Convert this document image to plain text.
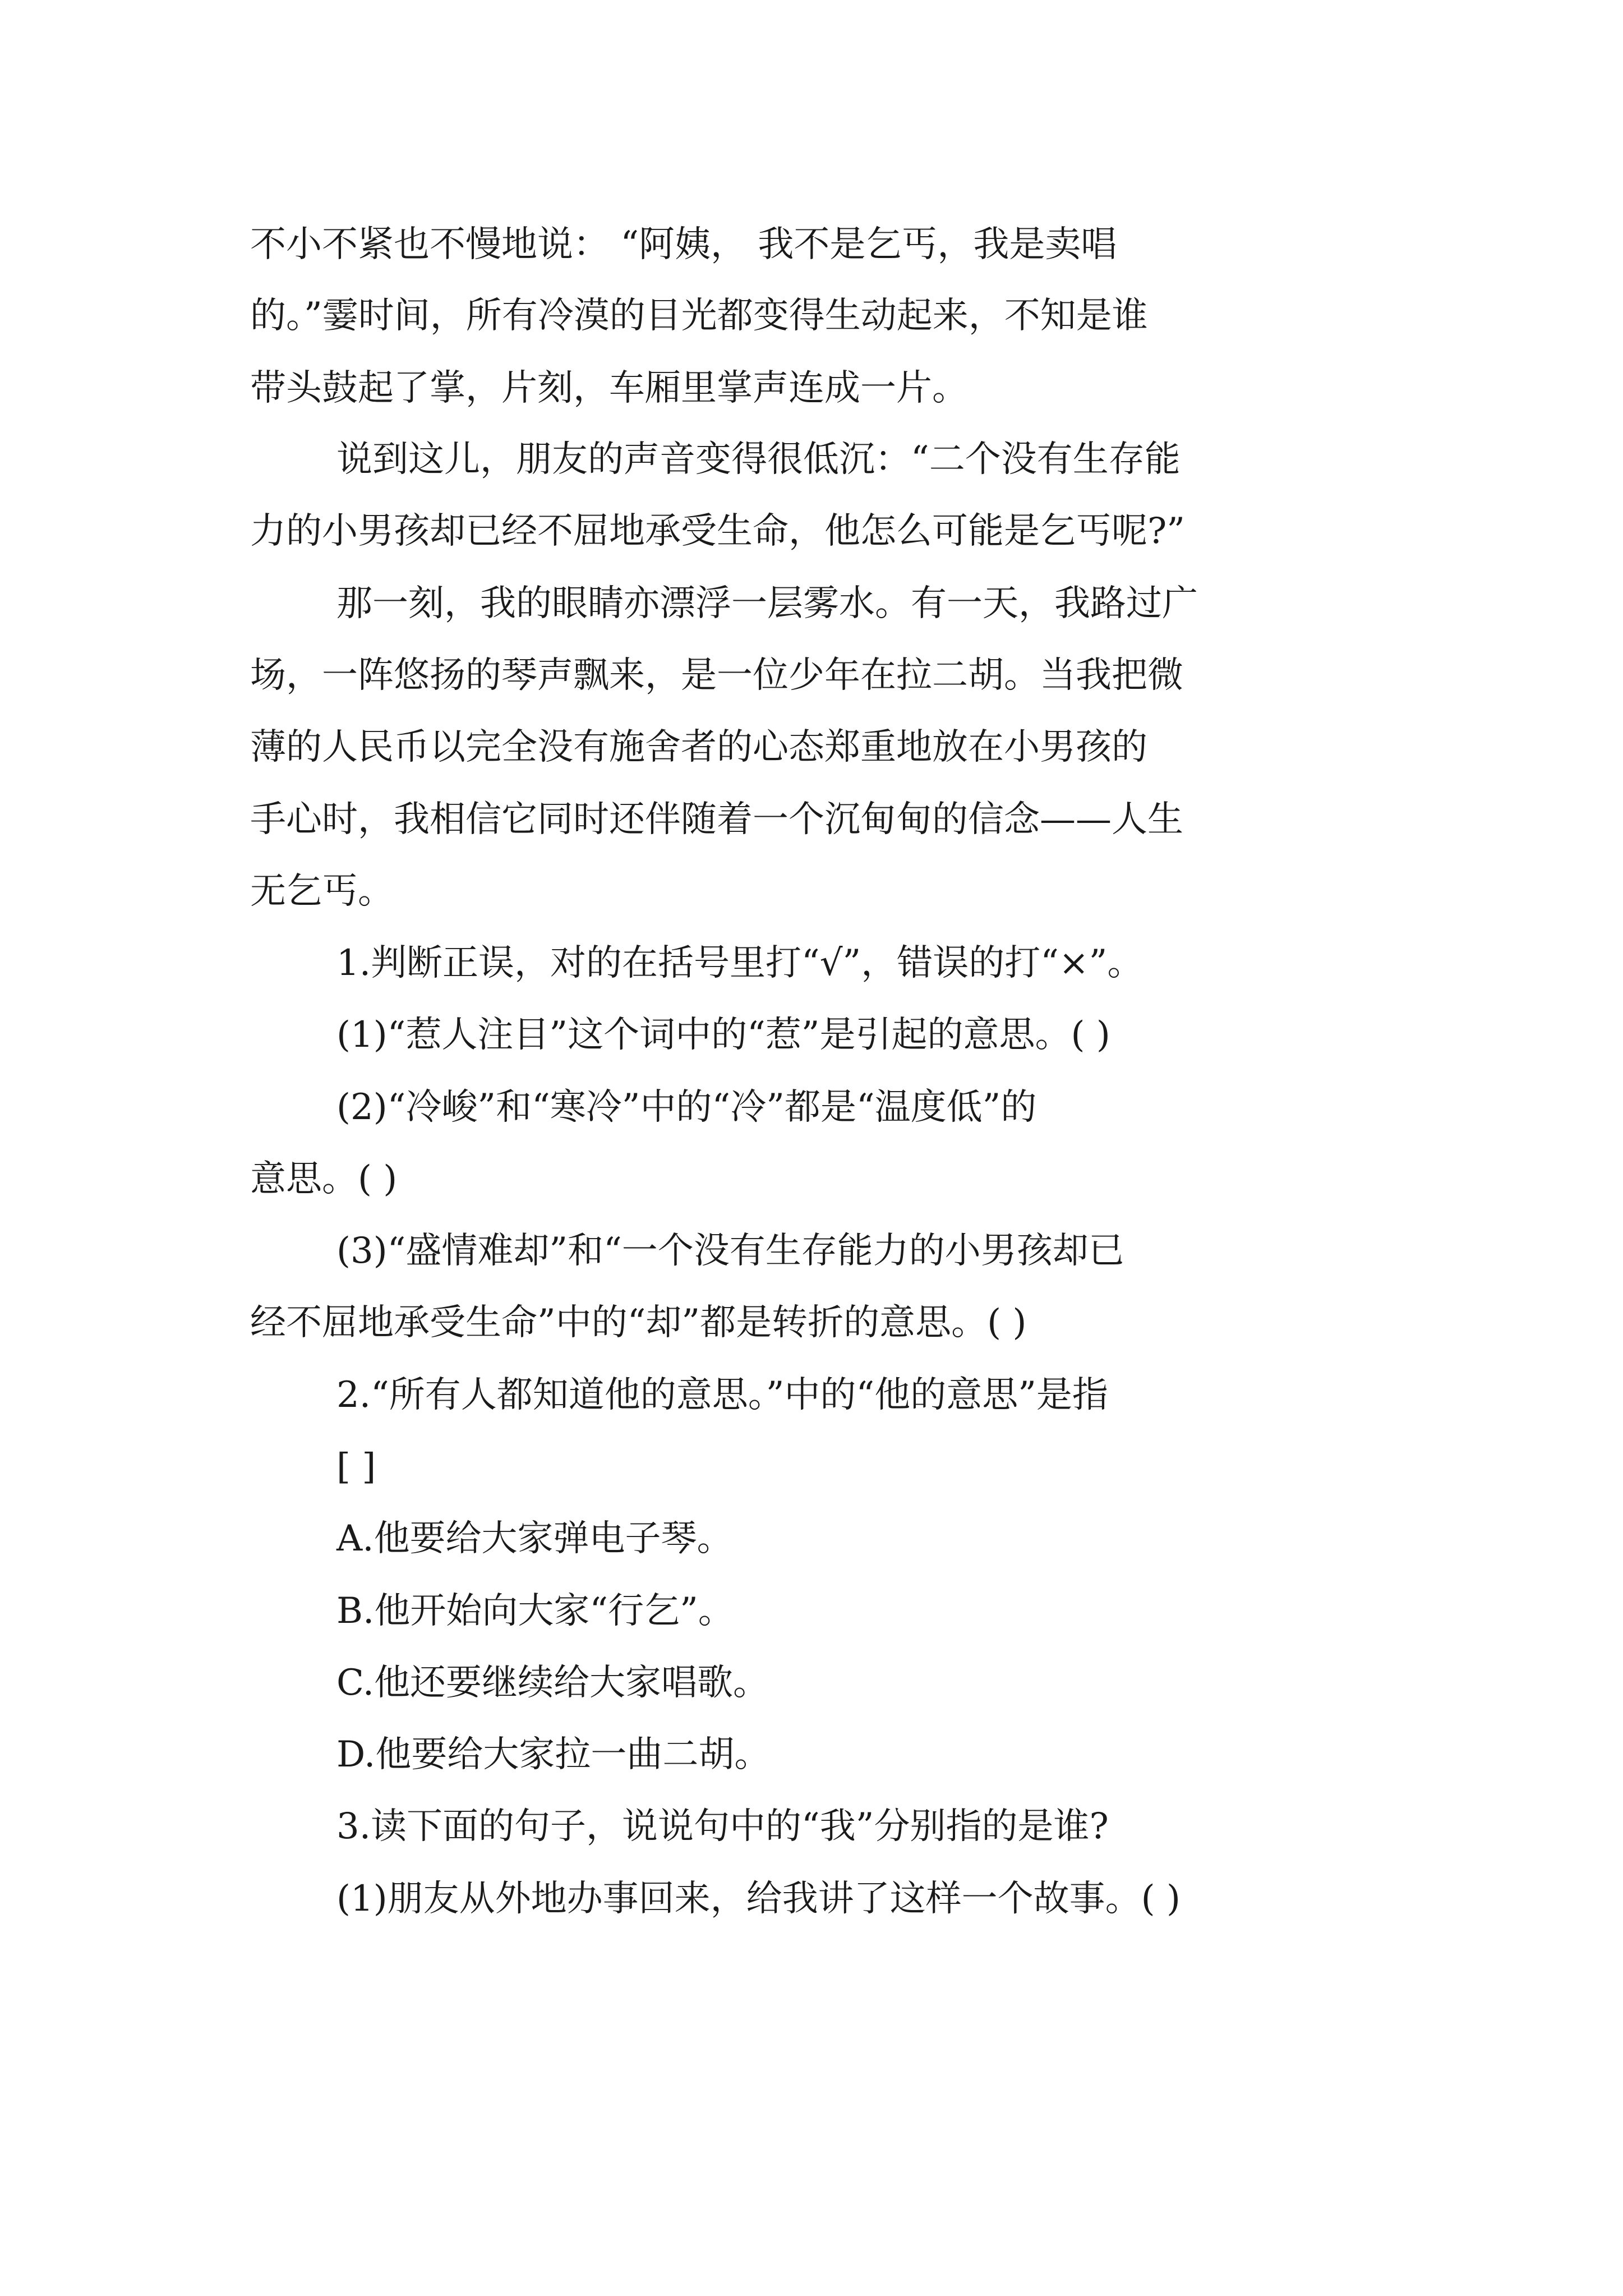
不小不紧也不慢地说： “阿姨， 我不是乞丐，我是卖唱
的。”霎时间，所有冷漠的目光都变得生动起来，不知是谁
带头鼓起了掌，片刻，车厢里掌声连成一片。
说到这儿，朋友的声音变得很低沉：“二个没有生存能
力的小男孩却已经不屈地承受生命，他怎么可能是乞丐呢?”
那一刻，我的眼睛亦漂浮一层雾水。有一天，我路过广
场，一阵悠扬的琴声飘来，是一位少年在拉二胡。当我把微
薄的人民币以完全没有施舍者的心态郑重地放在小男孩的
手心时，我相信它同时还伴随着一个沉甸甸的信念——人生
无乞丐。
1.判断正误，对的在括号里打“√”，错误的打“×”。
(1)“惹人注目”这个词中的“惹”是引起的意思。( )
(2)“冷峻”和“寒冷”中的“冷”都是“温度低”的
意思。( )
(3)“盛情难却”和“一个没有生存能力的小男孩却已
经不屈地承受生命”中的“却”都是转折的意思。( )
2.“所有人都知道他的意思。”中的“他的意思”是指
[ ]
A.他要给大家弹电子琴。
B.他开始向大家“行乞”。
C.他还要继续给大家唱歌。
D.他要给大家拉一曲二胡。
3.读下面的句子，说说句中的“我”分别指的是谁?
(1)朋友从外地办事回来，给我讲了这样一个故事。( )
